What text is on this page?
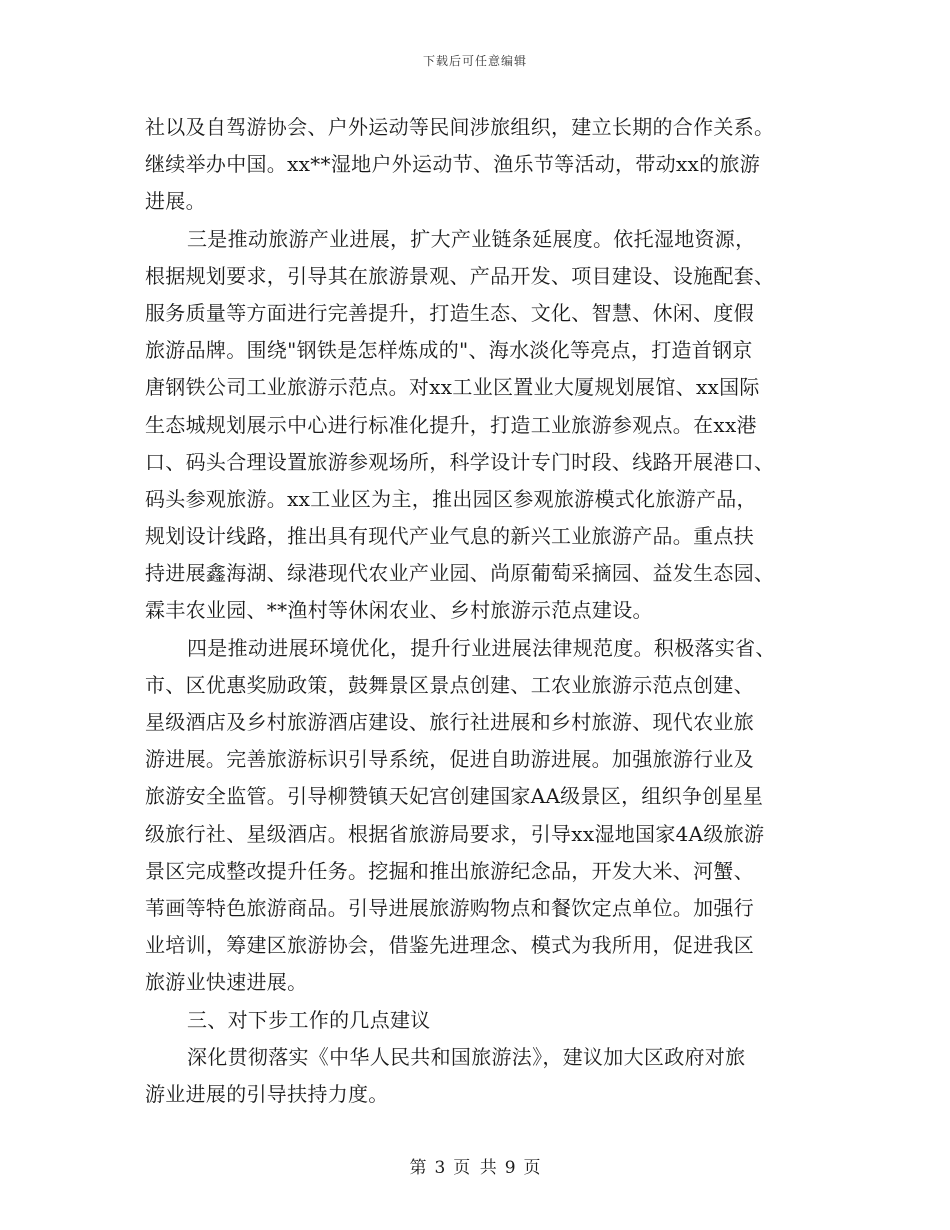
下载后可任意编辑
社以及自驾游协会、户外运动等民间涉旅组织，建立长期的合作关系。
继续举办中国。xx**湿地户外运动节、渔乐节等活动，带动xx的旅游
进展。
三是推动旅游产业进展，扩大产业链条延展度。依托湿地资源，
根据规划要求，引导其在旅游景观、产品开发、项目建设、设施配套、
服务质量等方面进行完善提升，打造生态、文化、智慧、休闲、度假
旅游品牌。围绕"钢铁是怎样炼成的"、海水淡化等亮点，打造首钢京
唐钢铁公司工业旅游示范点。对xx工业区置业大厦规划展馆、xx国际
生态城规划展示中心进行标准化提升，打造工业旅游参观点。在xx港
口、码头合理设置旅游参观场所，科学设计专门时段、线路开展港口、
码头参观旅游。xx工业区为主，推出园区参观旅游模式化旅游产品，
规划设计线路，推出具有现代产业气息的新兴工业旅游产品。重点扶
持进展鑫海湖、绿港现代农业产业园、尚原葡萄采摘园、益发生态园、
霖丰农业园、**渔村等休闲农业、乡村旅游示范点建设。
四是推动进展环境优化，提升行业进展法律规范度。积极落实省、
市、区优惠奖励政策，鼓舞景区景点创建、工农业旅游示范点创建、
星级酒店及乡村旅游酒店建设、旅行社进展和乡村旅游、现代农业旅
游进展。完善旅游标识引导系统，促进自助游进展。加强旅游行业及
旅游安全监管。引导柳赞镇天妃宫创建国家AA级景区，组织争创星星
级旅行社、星级酒店。根据省旅游局要求，引导xx湿地国家4A级旅游
景区完成整改提升任务。挖掘和推出旅游纪念品，开发大米、河蟹、
苇画等特色旅游商品。引导进展旅游购物点和餐饮定点单位。加强行
业培训，筹建区旅游协会，借鉴先进理念、模式为我所用，促进我区
旅游业快速进展。
三、对下步工作的几点建议
深化贯彻落实《中华人民共和国旅游法》，建议加大区政府对旅
游业进展的引导扶持力度。
第 3 页 共 9 页
